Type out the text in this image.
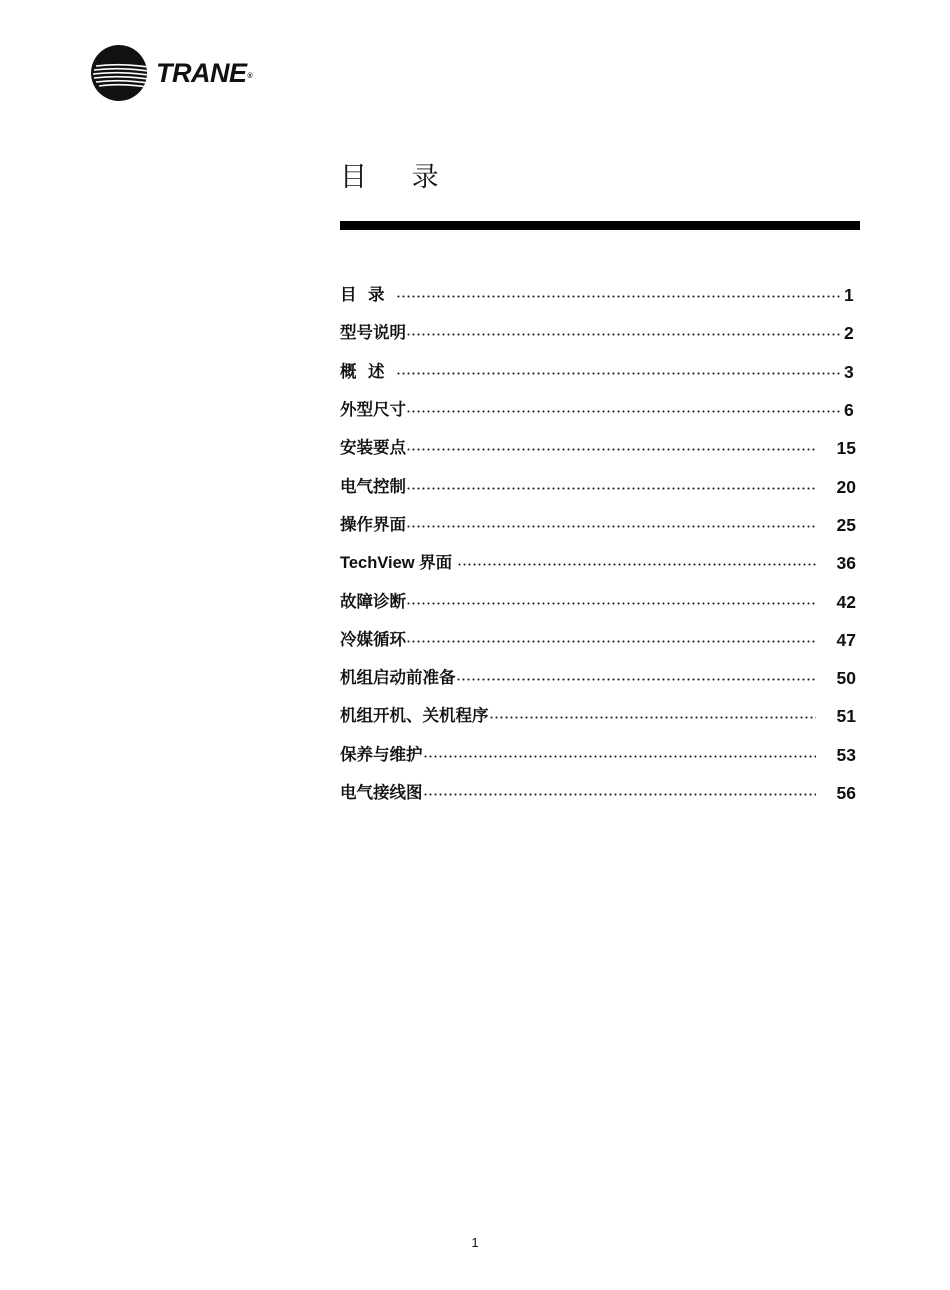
TRANE®
目 录
目  录	1
型号说明	2
概  述	3
外型尺寸	6
安装要点	15
电气控制	20
操作界面	25
TechView 界面	36
故障诊断	42
冷媒循环	47
机组启动前准备	50
机组开机、关机程序	51
保养与维护	53
电气接线图	56
1
